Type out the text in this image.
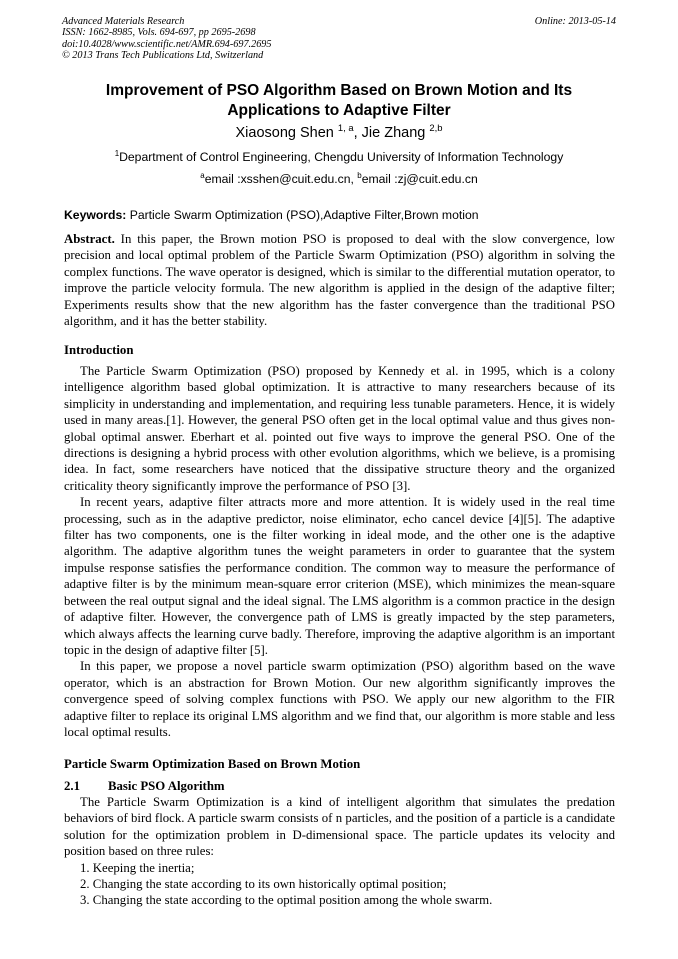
Advanced Materials Research
ISSN: 1662-8985, Vols. 694-697, pp 2695-2698
doi:10.4028/www.scientific.net/AMR.694-697.2695
© 2013 Trans Tech Publications Ltd, Switzerland
Online: 2013-05-14
Improvement of PSO Algorithm Based on Brown Motion and Its Applications to Adaptive Filter
Xiaosong Shen $^{1, a}$, Jie Zhang $^{2,b}$
$^1$Department of Control Engineering, Chengdu University of Information Technology
$^a$email :xsshen@cuit.edu.cn, $^b$email :zj@cuit.edu.cn
Keywords: Particle Swarm Optimization (PSO),Adaptive Filter,Brown motion
Abstract. In this paper, the Brown motion PSO is proposed to deal with the slow convergence, low precision and local optimal problem of the Particle Swarm Optimization (PSO) algorithm in solving the complex functions. The wave operator is designed, which is similar to the differential mutation operator, to improve the particle velocity formula. The new algorithm is applied in the design of the adaptive filter; Experiments results show that the new algorithm has the faster convergence than the traditional PSO algorithm, and it has the better stability.
Introduction

The Particle Swarm Optimization (PSO) proposed by Kennedy et al. in 1995, which is a colony intelligence algorithm based global optimization. It is attractive to many researchers because of its simplicity in understanding and implementation, and requiring less tunable parameters. Hence, it is widely used in many areas.[1]. However, the general PSO often get in the local optimal value and thus gives non-global optimal answer. Eberhart et al. pointed out five ways to improve the general PSO. One of the directions is designing a hybrid process with other evolution algorithms, which we believe, is a promising idea. In fact, some researchers have noticed that the dissipative structure theory and the organized criticality theory significantly improve the performance of PSO [3].

In recent years, adaptive filter attracts more and more attention. It is widely used in the real time processing, such as in the adaptive predictor, noise eliminator, echo cancel device [4][5]. The adaptive filter has two components, one is the filter working in ideal mode, and the other one is the adaptive algorithm. The adaptive algorithm tunes the weight parameters in order to guarantee that the system impulse response satisfies the performance condition. The common way to measure the performance of adaptive filter is by the minimum mean-square error criterion (MSE), which minimizes the mean-square between the real output signal and the ideal signal. The LMS algorithm is a common practice in the design of adaptive filter. However, the convergence path of LMS is greatly impacted by the step parameters, which always affects the learning curve badly. Therefore, improving the adaptive algorithm is an important topic in the design of adaptive filter [5].

In this paper, we propose a novel particle swarm optimization (PSO) algorithm based on the wave operator, which is an abstraction for Brown Motion. Our new algorithm significantly improves the convergence speed of solving complex functions with PSO. We apply our new algorithm to the FIR adaptive filter to replace its original LMS algorithm and we find that, our algorithm is more stable and less local optimal results.

Particle Swarm Optimization Based on Brown Motion
2.1 Basic PSO Algorithm

The Particle Swarm Optimization is a kind of intelligent algorithm that simulates the predation behaviors of bird flock. A particle swarm consists of n particles, and the position of a particle is a candidate solution for the optimization problem in D-dimensional space. The particle updates its velocity and position based on three rules:

1. Keeping the inertia;
2. Changing the state according to its own historically optimal position;
3. Changing the state according to the optimal position among the whole swarm.
